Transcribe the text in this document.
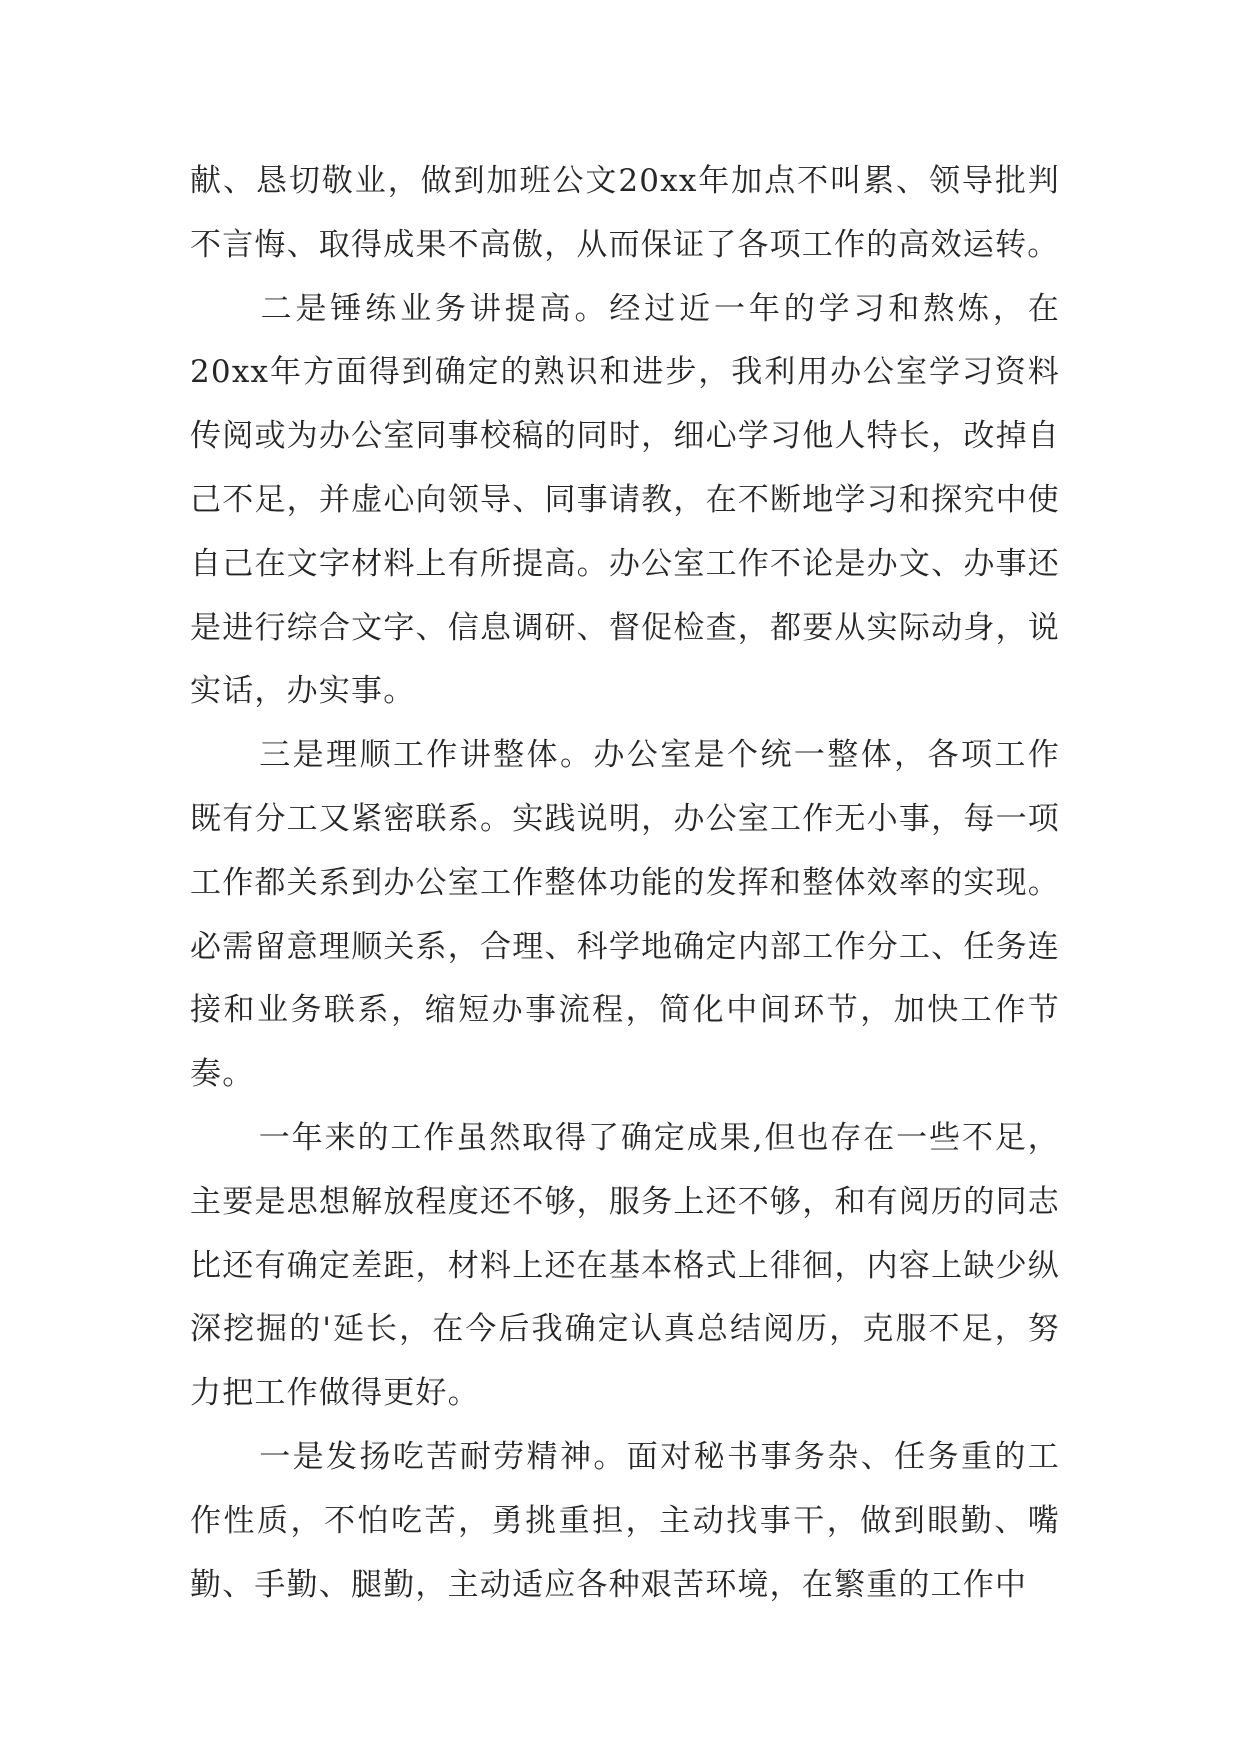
献、恳切敬业，做到加班公文20xx年加点不叫累、领导批判不言悔、取得成果不高傲，从而保证了各项工作的高效运转。

二是锤练业务讲提高。经过近一年的学习和熬炼，在20xx年方面得到确定的熟识和进步，我利用办公室学习资料传阅或为办公室同事校稿的同时，细心学习他人特长，改掉自己不足，并虚心向领导、同事请教，在不断地学习和探究中使自己在文字材料上有所提高。办公室工作不论是办文、办事还是进行综合文字、信息调研、督促检查，都要从实际动身，说实话，办实事。

三是理顺工作讲整体。办公室是个统一整体，各项工作既有分工又紧密联系。实践说明，办公室工作无小事，每一项工作都关系到办公室工作整体功能的发挥和整体效率的实现。必需留意理顺关系，合理、科学地确定内部工作分工、任务连接和业务联系，缩短办事流程，简化中间环节，加快工作节奏。

一年来的工作虽然取得了确定成果,但也存在一些不足，主要是思想解放程度还不够，服务上还不够，和有阅历的同志比还有确定差距，材料上还在基本格式上徘徊，内容上缺少纵深挖掘的'延长，在今后我确定认真总结阅历，克服不足，努力把工作做得更好。

一是发扬吃苦耐劳精神。面对秘书事务杂、任务重的工作性质，不怕吃苦，勇挑重担，主动找事干，做到眼勤、嘴勤、手勤、腿勤，主动适应各种艰苦环境，在繁重的工作中
